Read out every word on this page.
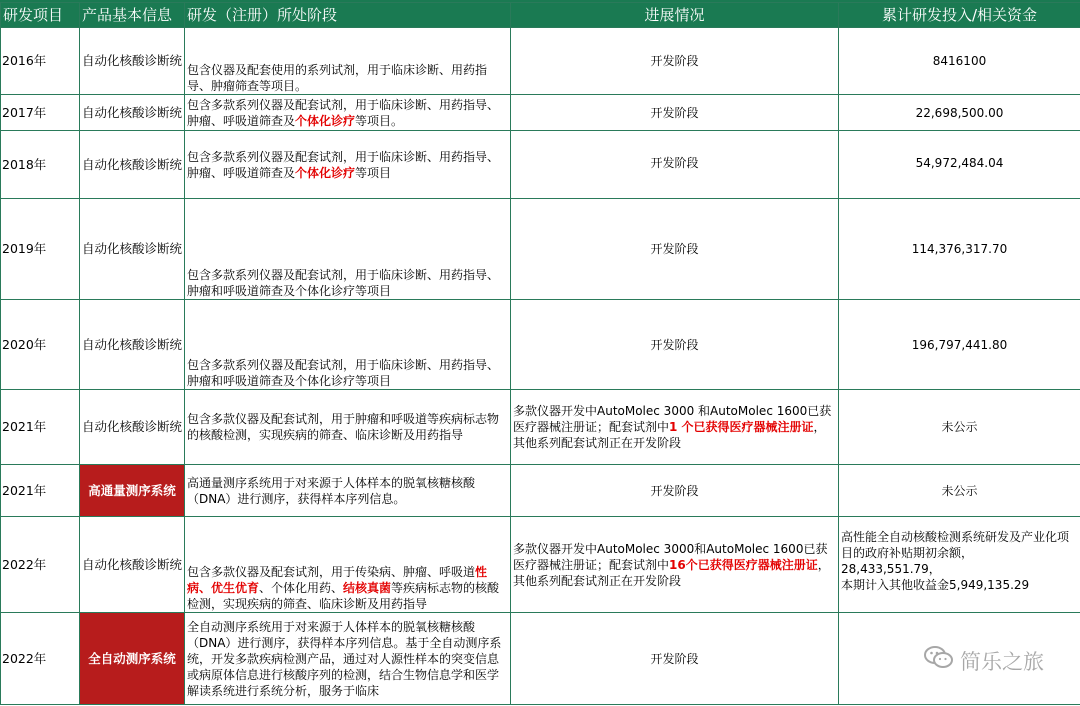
研发项目	产品基本信息	研发（注册）所处阶段	进展情况	累计研发投入/相关资金
2016年	自动化核酸诊断统	包含仪器及配套使用的系列试剂，用于临床诊断、用药指导、肿瘤筛查等项目。	开发阶段	8416100
2017年	自动化核酸诊断统	包含多款系列仪器及配套试剂，用于临床诊断、用药指导、肿瘤、呼吸道筛查及个体化诊疗等项目。	开发阶段	22,698,500.00
2018年	自动化核酸诊断统	包含多款系列仪器及配套试剂，用于临床诊断、用药指导、肿瘤、呼吸道筛查及个体化诊疗等项目	开发阶段	54,972,484.04
2019年	自动化核酸诊断统	包含多款系列仪器及配套试剂，用于临床诊断、用药指导、肿瘤和呼吸道筛查及个体化诊疗等项目	开发阶段	114,376,317.70
2020年	自动化核酸诊断统	包含多款系列仪器及配套试剂，用于临床诊断、用药指导、肿瘤和呼吸道筛查及个体化诊疗等项目	开发阶段	196,797,441.80
2021年	自动化核酸诊断统	包含多款仪器及配套试剂，用于肿瘤和呼吸道等疾病标志物的核酸检测，实现疾病的筛查、临床诊断及用药指导	多款仪器开发中AutoMolec 3000 和AutoMolec 1600已获医疗器械注册证；配套试剂中1 个已获得医疗器械注册证，其他系列配套试剂正在开发阶段	未公示
2021年	高通量测序系统	高通量测序系统用于对来源于人体样本的脱氧核糖核酸（DNA）进行测序，获得样本序列信息。	开发阶段	未公示
2022年	自动化核酸诊断统	包含多款仪器及配套试剂，用于传染病、肿瘤、呼吸道性病、优生优育、个体化用药、结核真菌等疾病标志物的核酸检测，实现疾病的筛查、临床诊断及用药指导	多款仪器开发中AutoMolec 3000和AutoMolec 1600已获医疗器械注册证；配套试剂中16个已获得医疗器械注册证，其他系列配套试剂正在开发阶段	高性能全自动核酸检测系统研发及产业化项目的政府补贴期初余额，
28,433,551.79，
本期计入其他收益金5,949,135.29

2022年	全自动测序系统	全自动测序系统用于对来源于人体样本的脱氧核糖核酸（DNA）进行测序，获得样本序列信息。基于全自动测序系统，开发多款疾病检测产品，通过对人源性样本的突变信息或病原体信息进行核酸序列的检测，结合生物信息学和医学解读系统进行系统分析，服务于临床	开发阶段		简乐之旅
